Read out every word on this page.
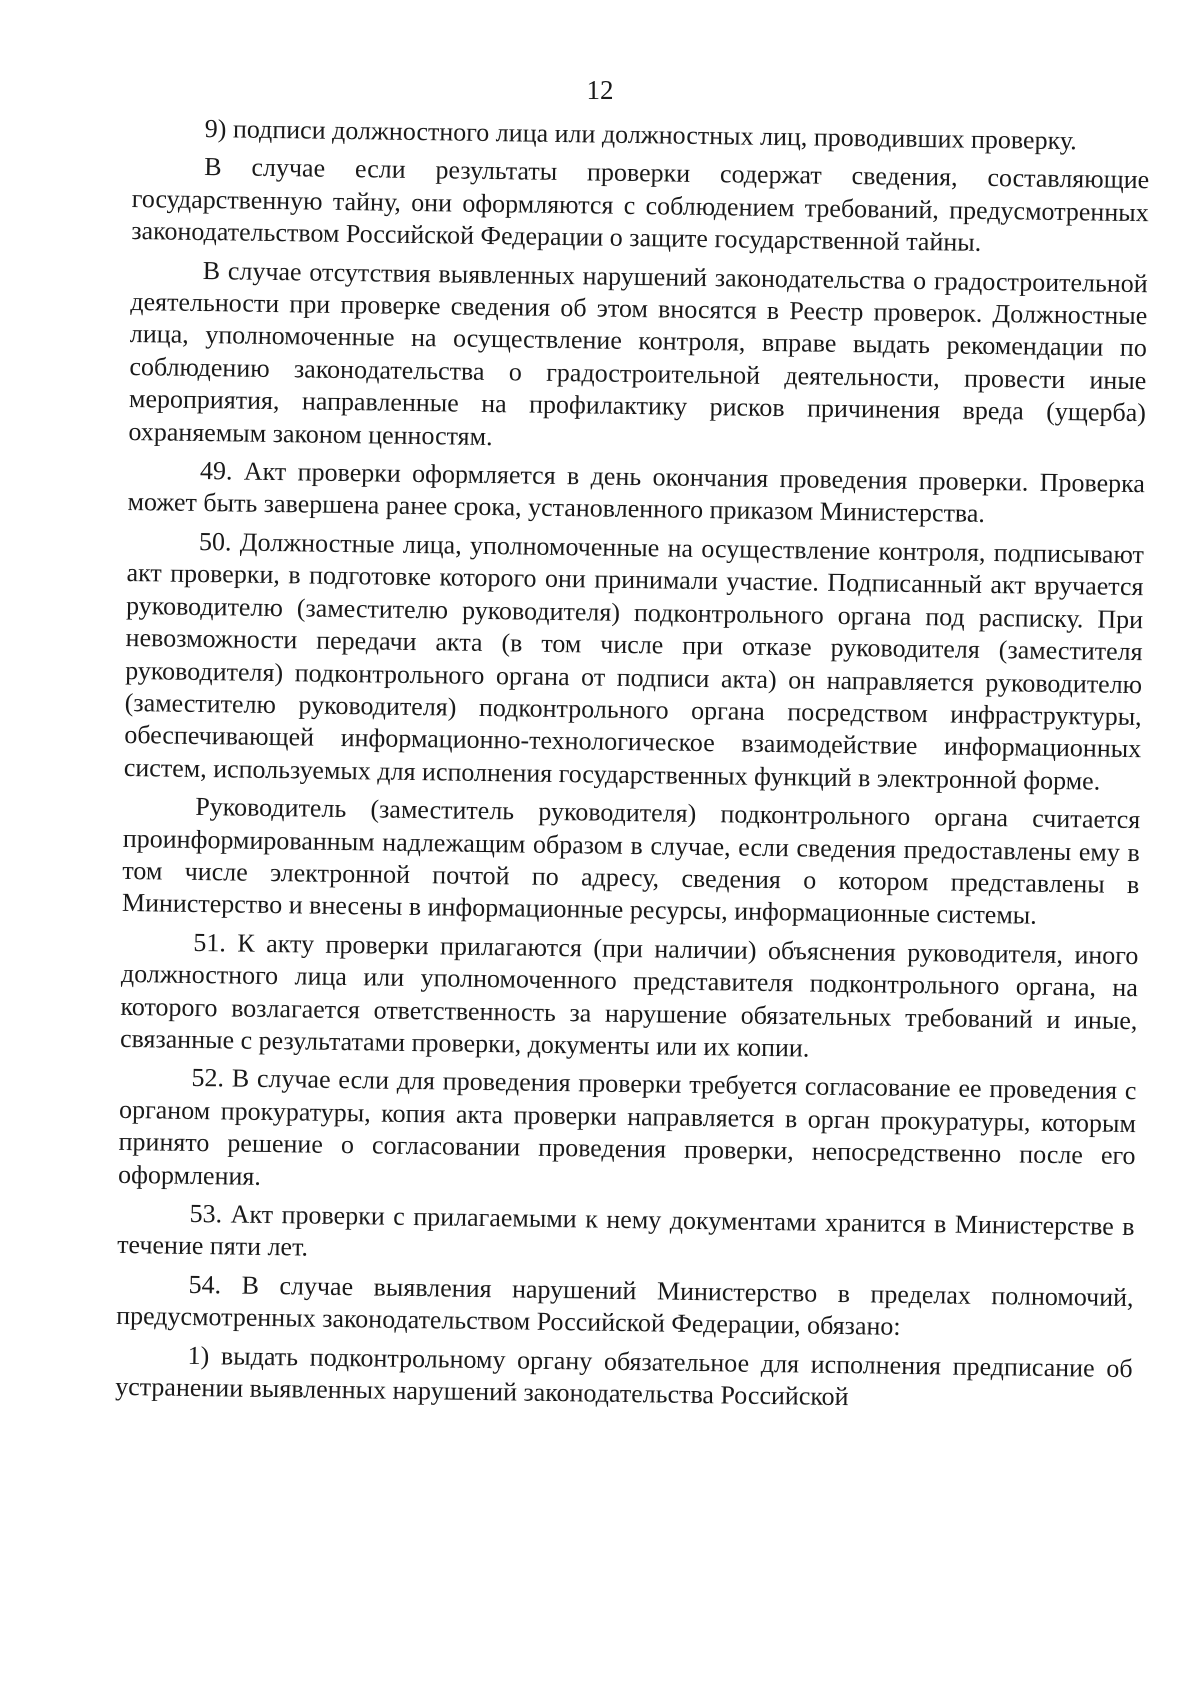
12

9) подписи должностного лица или должностных лиц, проводивших проверку.

В случае если результаты проверки содержат сведения, составляющие государственную тайну, они оформляются с соблюдением требований, предусмотренных законодательством Российской Федерации о защите государственной тайны.

В случае отсутствия выявленных нарушений законодательства о градостроительной деятельности при проверке сведения об этом вносятся в Реестр проверок. Должностные лица, уполномоченные на осуществление контроля, вправе выдать рекомендации по соблюдению законодательства о градостроительной деятельности, провести иные мероприятия, направленные на профилактику рисков причинения вреда (ущерба) охраняемым законом ценностям.

49. Акт проверки оформляется в день окончания проведения проверки. Проверка может быть завершена ранее срока, установленного приказом Министерства.

50. Должностные лица, уполномоченные на осуществление контроля, подписывают акт проверки, в подготовке которого они принимали участие. Подписанный акт вручается руководителю (заместителю руководителя) подконтрольного органа под расписку. При невозможности передачи акта (в том числе при отказе руководителя (заместителя руководителя) подконтрольного органа от подписи акта) он направляется руководителю (заместителю руководителя) подконтрольного органа посредством инфраструктуры, обеспечивающей информационно-технологическое взаимодействие информационных систем, используемых для исполнения государственных функций в электронной форме.

Руководитель (заместитель руководителя) подконтрольного органа считается проинформированным надлежащим образом в случае, если сведения предоставлены ему в том числе электронной почтой по адресу, сведения о котором представлены в Министерство и внесены в информационные ресурсы, информационные системы.

51. К акту проверки прилагаются (при наличии) объяснения руководителя, иного должностного лица или уполномоченного представителя подконтрольного органа, на которого возлагается ответственность за нарушение обязательных требований и иные, связанные с результатами проверки, документы или их копии.

52. В случае если для проведения проверки требуется согласование ее проведения с органом прокуратуры, копия акта проверки направляется в орган прокуратуры, которым принято решение о согласовании проведения проверки, непосредственно после его оформления.

53. Акт проверки с прилагаемыми к нему документами хранится в Министерстве в течение пяти лет.

54. В случае выявления нарушений Министерство в пределах полномочий, предусмотренных законодательством Российской Федерации, обязано:

1) выдать подконтрольному органу обязательное для исполнения предписание об устранении выявленных нарушений законодательства Российской
